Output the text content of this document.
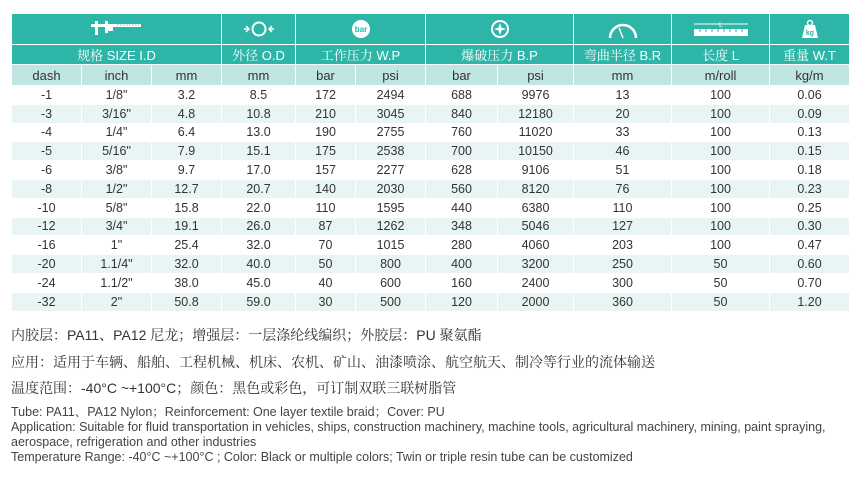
bar					L	kg

规格 SIZE I.D			外径 O.D	工作压力 W.P		爆破压力 B.P		弯曲半径 B.R	长度 L	重量 W.T
dash	inch	mm	mm	bar	psi	bar	psi	mm	m/roll	kg/m
-1	1/8"	3.2	8.5	172	2494	688	9976	13	100	0.06
-3	3/16"	4.8	10.8	210	3045	840	12180	20	100	0.09
-4	1/4"	6.4	13.0	190	2755	760	11020	33	100	0.13
-5	5/16"	7.9	15.1	175	2538	700	10150	46	100	0.15
-6	3/8"	9.7	17.0	157	2277	628	9106	51	100	0.18
-8	1/2"	12.7	20.7	140	2030	560	8120	76	100	0.23
-10	5/8"	15.8	22.0	110	1595	440	6380	110	100	0.25
-12	3/4"	19.1	26.0	87	1262	348	5046	127	100	0.30
-16	1"	25.4	32.0	70	1015	280	4060	203	100	0.47
-20	1.1/4"	32.0	40.0	50	800	400	3200	250	50	0.60
-24	1.1/2"	38.0	45.0	40	600	160	2400	300	50	0.70
-32	2"	50.8	59.0	30	500	120	2000	360	50	1.20
内胶层：PA11、PA12 尼龙；增强层：一层涤纶线编织；外胶层：PU 聚氨酯
应用：适用于车辆、船舶、工程机械、机床、农机、矿山、油漆喷涂、航空航天、制冷等行业的流体输送
温度范围：-40°C ~+100°C；颜色：黑色或彩色，可订制双联三联树脂管
Tube: PA11、PA12 Nylon；Reinforcement: One layer textile braid；Cover: PU
Application: Suitable for fluid transportation in vehicles, ships, construction machinery, machine tools, agricultural machinery, mining, paint spraying, aerospace, refrigeration and other industries
Temperature Range: -40°C ~+100°C ; Color: Black or multiple colors; Twin or triple resin tube can be customized
